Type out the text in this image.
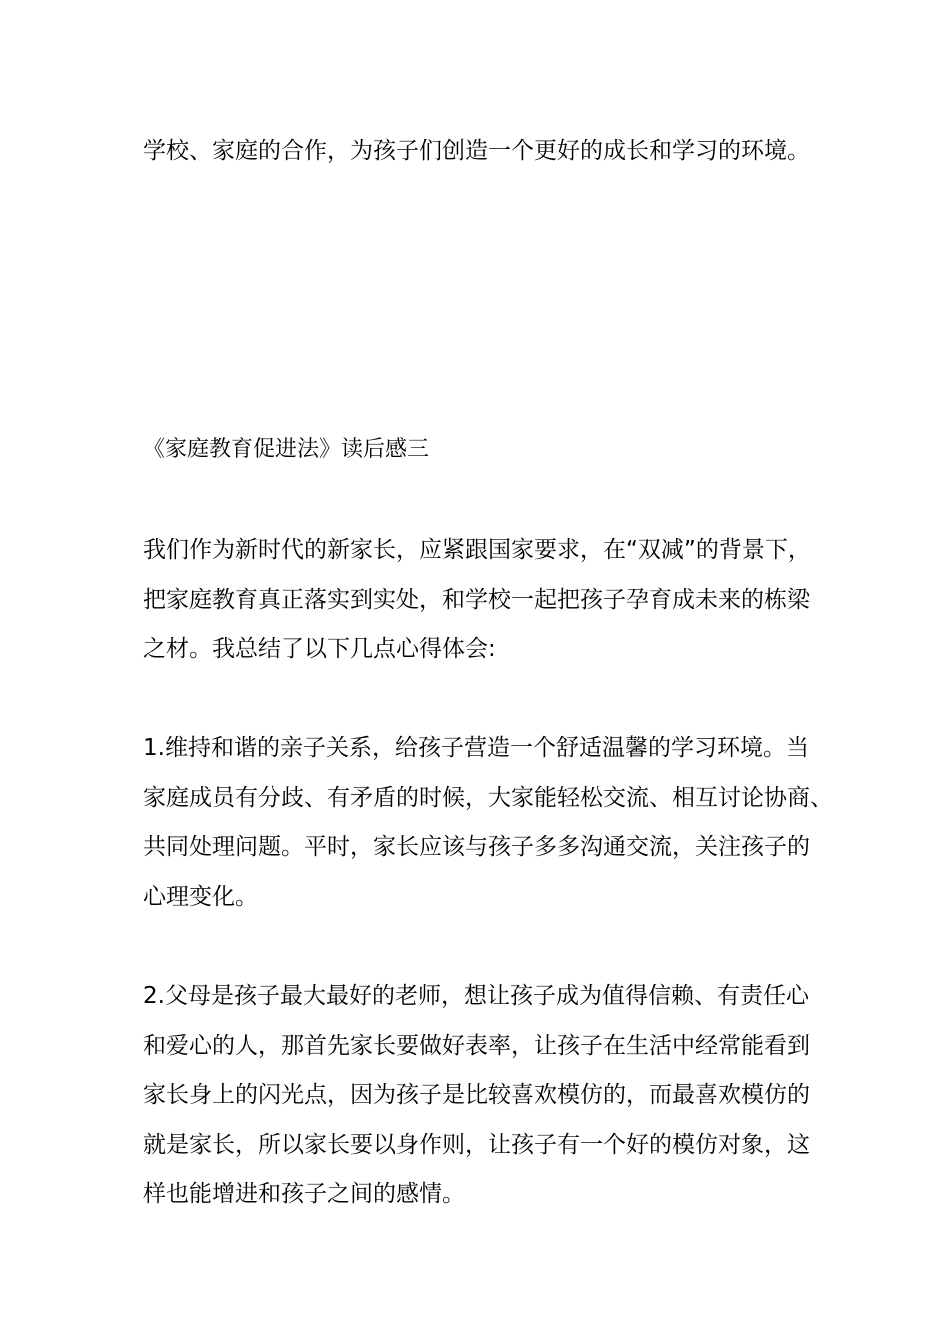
学校、家庭的合作，为孩子们创造一个更好的成长和学习的环境。
《家庭教育促进法》读后感三
我们作为新时代的新家长，应紧跟国家要求，在“双减”的背景下，
把家庭教育真正落实到实处，和学校一起把孩子孕育成未来的栋梁
之材。我总结了以下几点心得体会:
1.维持和谐的亲子关系，给孩子营造一个舒适温馨的学习环境。当
家庭成员有分歧、有矛盾的时候，大家能轻松交流、相互讨论协商、
共同处理问题。平时，家长应该与孩子多多沟通交流，关注孩子的
心理变化。
2.父母是孩子最大最好的老师，想让孩子成为值得信赖、有责任心
和爱心的人，那首先家长要做好表率，让孩子在生活中经常能看到
家长身上的闪光点，因为孩子是比较喜欢模仿的，而最喜欢模仿的
就是家长，所以家长要以身作则，让孩子有一个好的模仿对象，这
样也能增进和孩子之间的感情。
